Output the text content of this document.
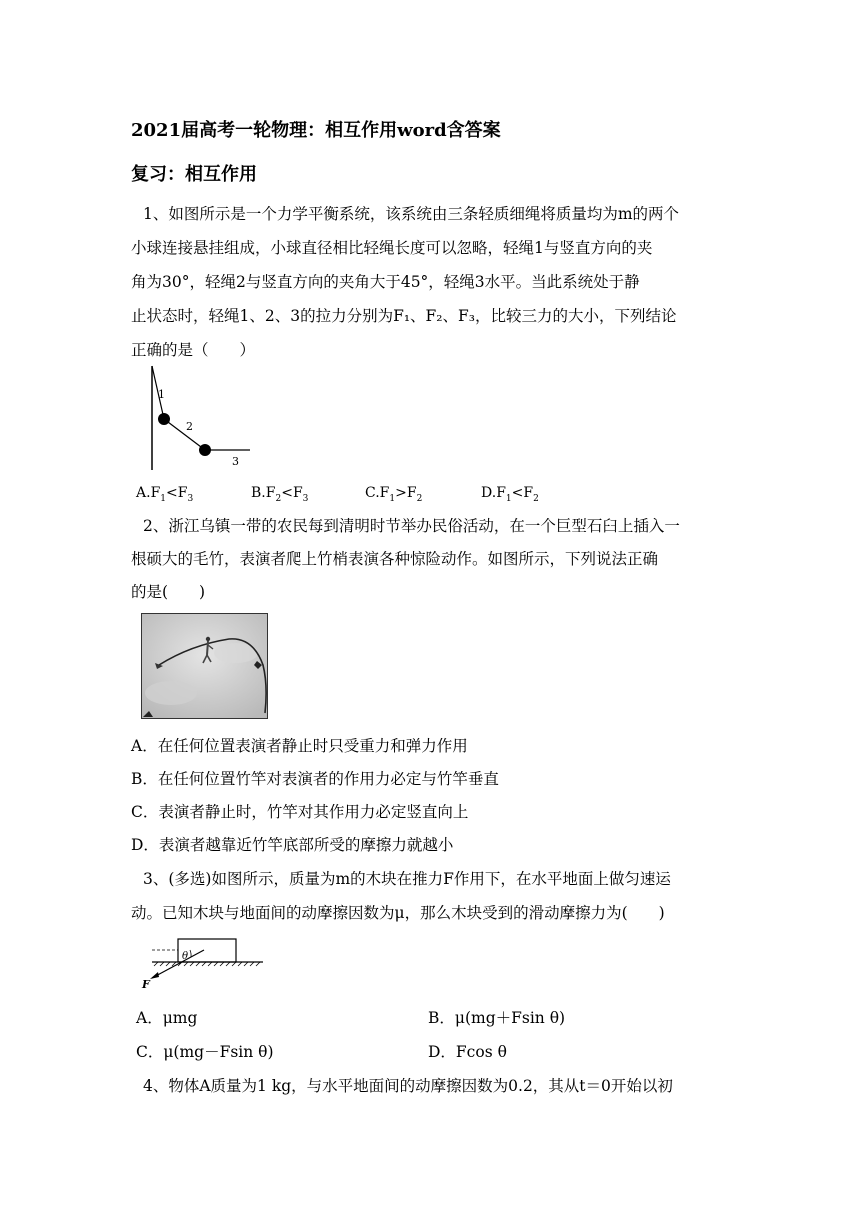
2021届高考一轮物理：相互作用word含答案
复习：相互作用
1、如图所示是一个力学平衡系统，该系统由三条轻质细绳将质量均为m的两个
小球连接悬挂组成，小球直径相比轻绳长度可以忽略，轻绳1与竖直方向的夹
角为30°，轻绳2与竖直方向的夹角大于45°，轻绳3水平。当此系统处于静
止状态时，轻绳1、2、3的拉力分别为F₁、F₂、F₃，比较三力的大小，下列结论
正确的是（　　）
1
2
3
$A.F_1<F_3$	$B.F_2<F_3$	$C.F_1>F_2$	$D.F_1<F_2$
2、浙江乌镇一带的农民每到清明时节举办民俗活动，在一个巨型石臼上插入一
根硕大的毛竹，表演者爬上竹梢表演各种惊险动作。如图所示，下列说法正确
的是(　　)
A．在任何位置表演者静止时只受重力和弹力作用
B．在任何位置竹竿对表演者的作用力必定与竹竿垂直
C．表演者静止时，竹竿对其作用力必定竖直向上
D．表演者越靠近竹竿底部所受的摩擦力就越小
3、(多选)如图所示，质量为m的木块在推力F作用下，在水平地面上做匀速运
动。已知木块与地面间的动摩擦因数为μ，那么木块受到的滑动摩擦力为(　　)
θ
F
A．μmg	B．μ(mg＋Fsin θ)
C．μ(mg－Fsin θ)	D．Fcos θ
4、物体A质量为1 kg，与水平地面间的动摩擦因数为0.2，其从t＝0开始以初
